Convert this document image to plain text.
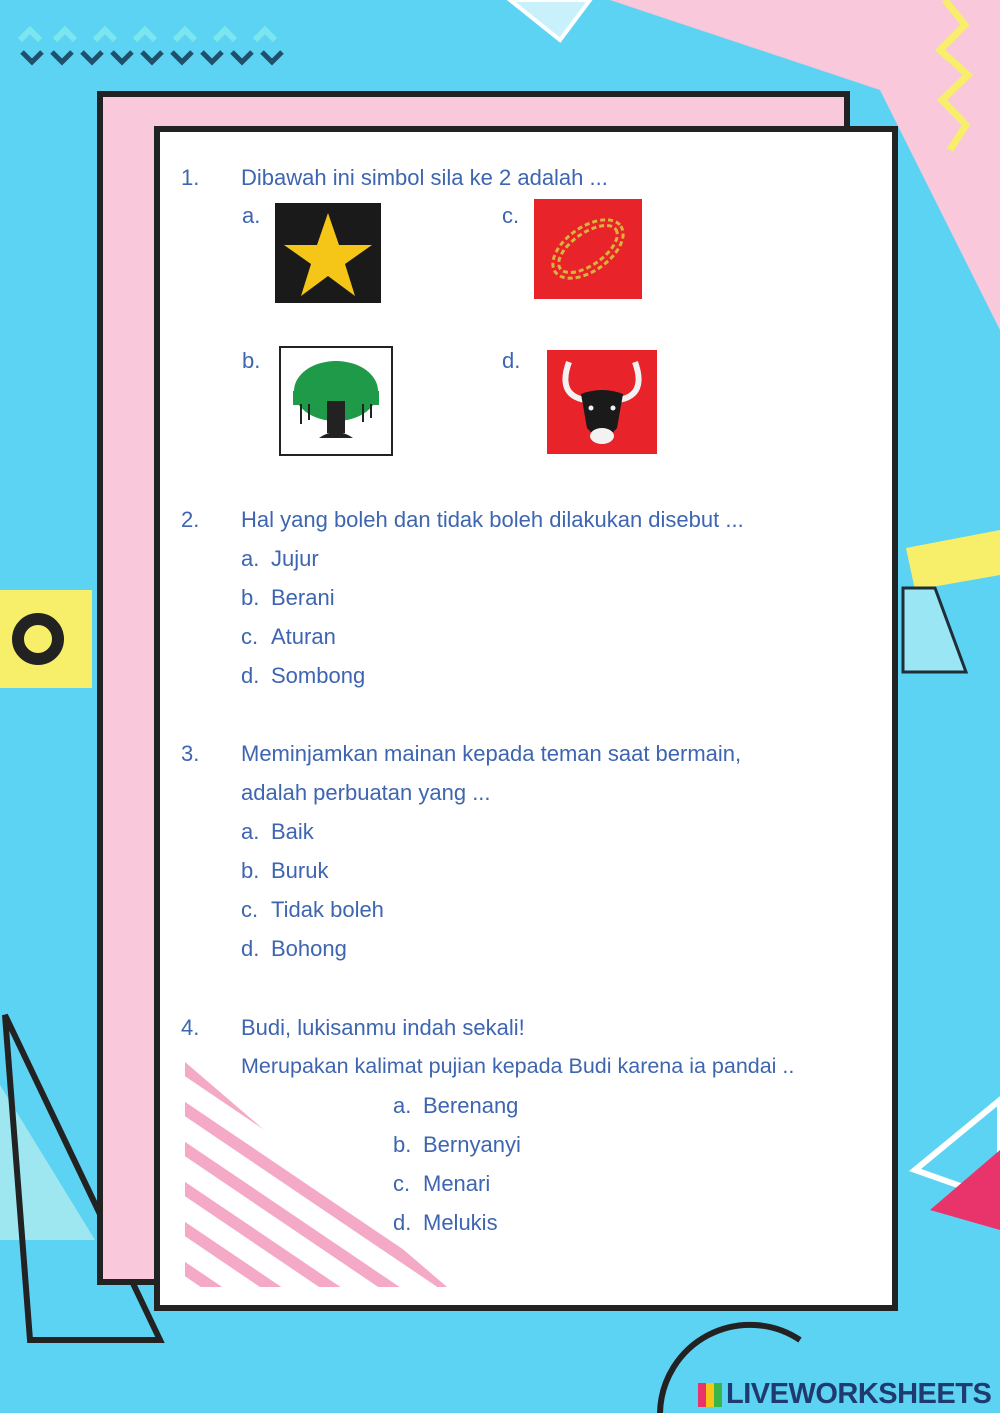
1. Dibawah ini simbol sila ke 2 adalah ...
a.	c.
b.	d.
2. Hal yang boleh dan tidak boleh dilakukan disebut ...
a. Jujur
b. Berani
c. Aturan
d. Sombong
3. Meminjamkan mainan kepada teman saat bermain,
adalah perbuatan yang ...
a. Baik
b. Buruk
c. Tidak boleh
d. Bohong
4. Budi, lukisanmu indah sekali!
Merupakan kalimat pujian kepada Budi karena ia pandai ..
a. Berenang
b. Bernyanyi
c. Menari
d. Melukis
LIVEWORKSHEETS
